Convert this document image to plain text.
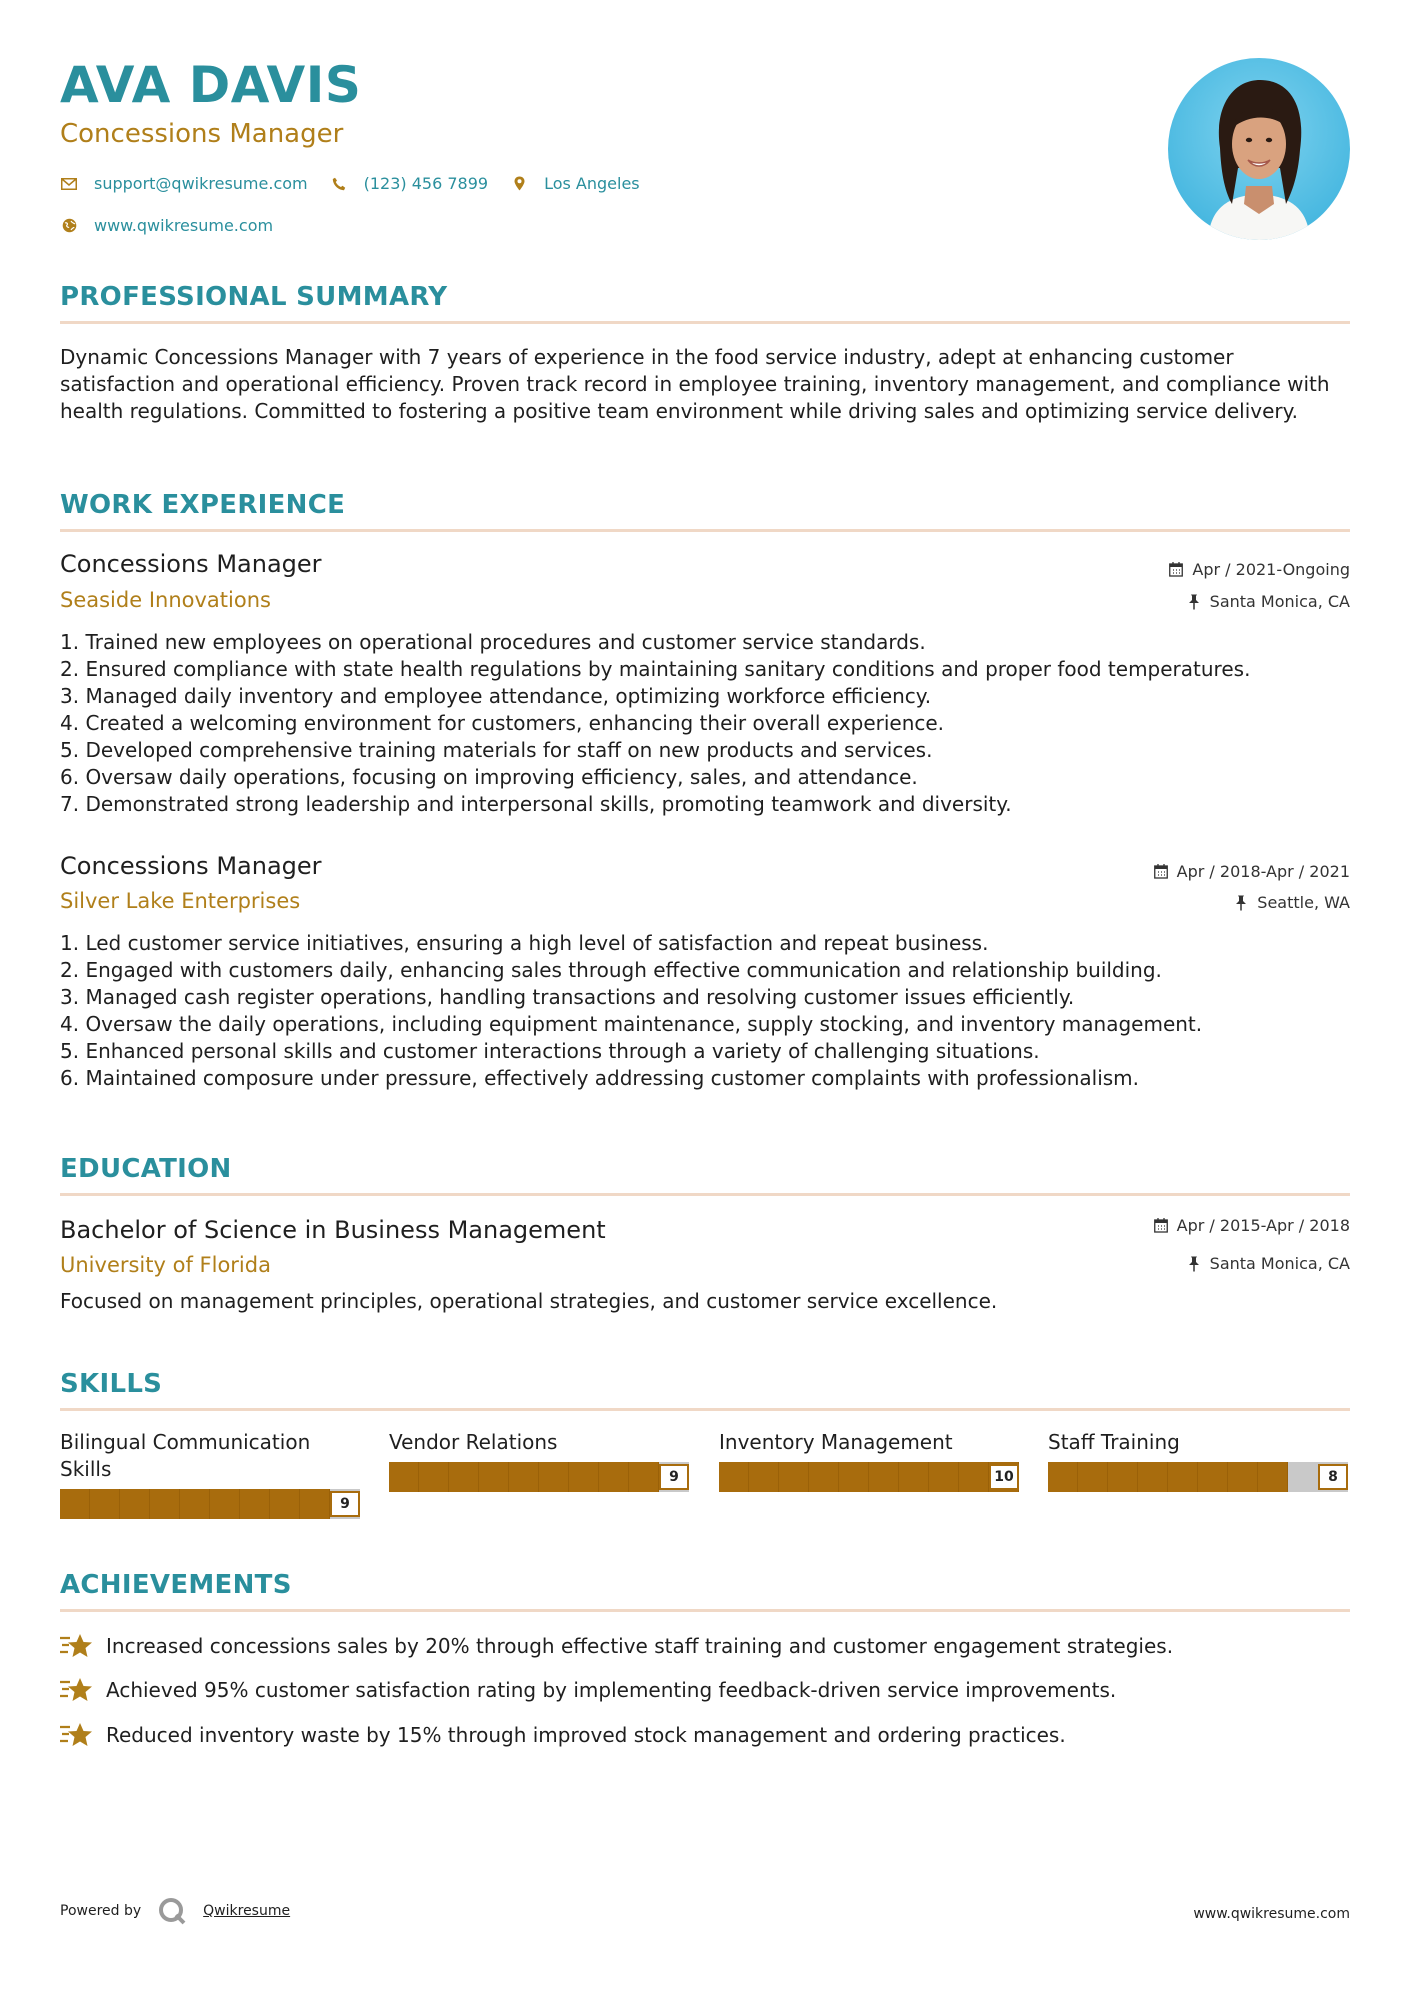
AVA DAVIS
Concessions Manager
support@qwikresume.com	(123) 456 7899	Los Angeles
www.qwikresume.com
PROFESSIONAL SUMMARY
Dynamic Concessions Manager with 7 years of experience in the food service industry, adept at enhancing customer satisfaction and operational efficiency. Proven track record in employee training, inventory management, and compliance with health regulations. Committed to fostering a positive team environment while driving sales and optimizing service delivery.
WORK EXPERIENCE
Concessions Manager
Seaside Innovations
Apr / 2021-Ongoing
Santa Monica, CA
1. Trained new employees on operational procedures and customer service standards.
2. Ensured compliance with state health regulations by maintaining sanitary conditions and proper food temperatures.
3. Managed daily inventory and employee attendance, optimizing workforce efficiency.
4. Created a welcoming environment for customers, enhancing their overall experience.
5. Developed comprehensive training materials for staff on new products and services.
6. Oversaw daily operations, focusing on improving efficiency, sales, and attendance.
7. Demonstrated strong leadership and interpersonal skills, promoting teamwork and diversity.
Concessions Manager
Silver Lake Enterprises
Apr / 2018-Apr / 2021
Seattle, WA
1. Led customer service initiatives, ensuring a high level of satisfaction and repeat business.
2. Engaged with customers daily, enhancing sales through effective communication and relationship building.
3. Managed cash register operations, handling transactions and resolving customer issues efficiently.
4. Oversaw the daily operations, including equipment maintenance, supply stocking, and inventory management.
5. Enhanced personal skills and customer interactions through a variety of challenging situations.
6. Maintained composure under pressure, effectively addressing customer complaints with professionalism.
EDUCATION
Bachelor of Science in Business Management
University of Florida
Apr / 2015-Apr / 2018
Santa Monica, CA
Focused on management principles, operational strategies, and customer service excellence.
SKILLS
Bilingual Communication Skills
9
Vendor Relations
9
Inventory Management
10
Staff Training
8
ACHIEVEMENTS
Increased concessions sales by 20% through effective staff training and customer engagement strategies.
Achieved 95% customer satisfaction rating by implementing feedback-driven service improvements.
Reduced inventory waste by 15% through improved stock management and ordering practices.
Powered by	Qwikresume	www.qwikresume.com
